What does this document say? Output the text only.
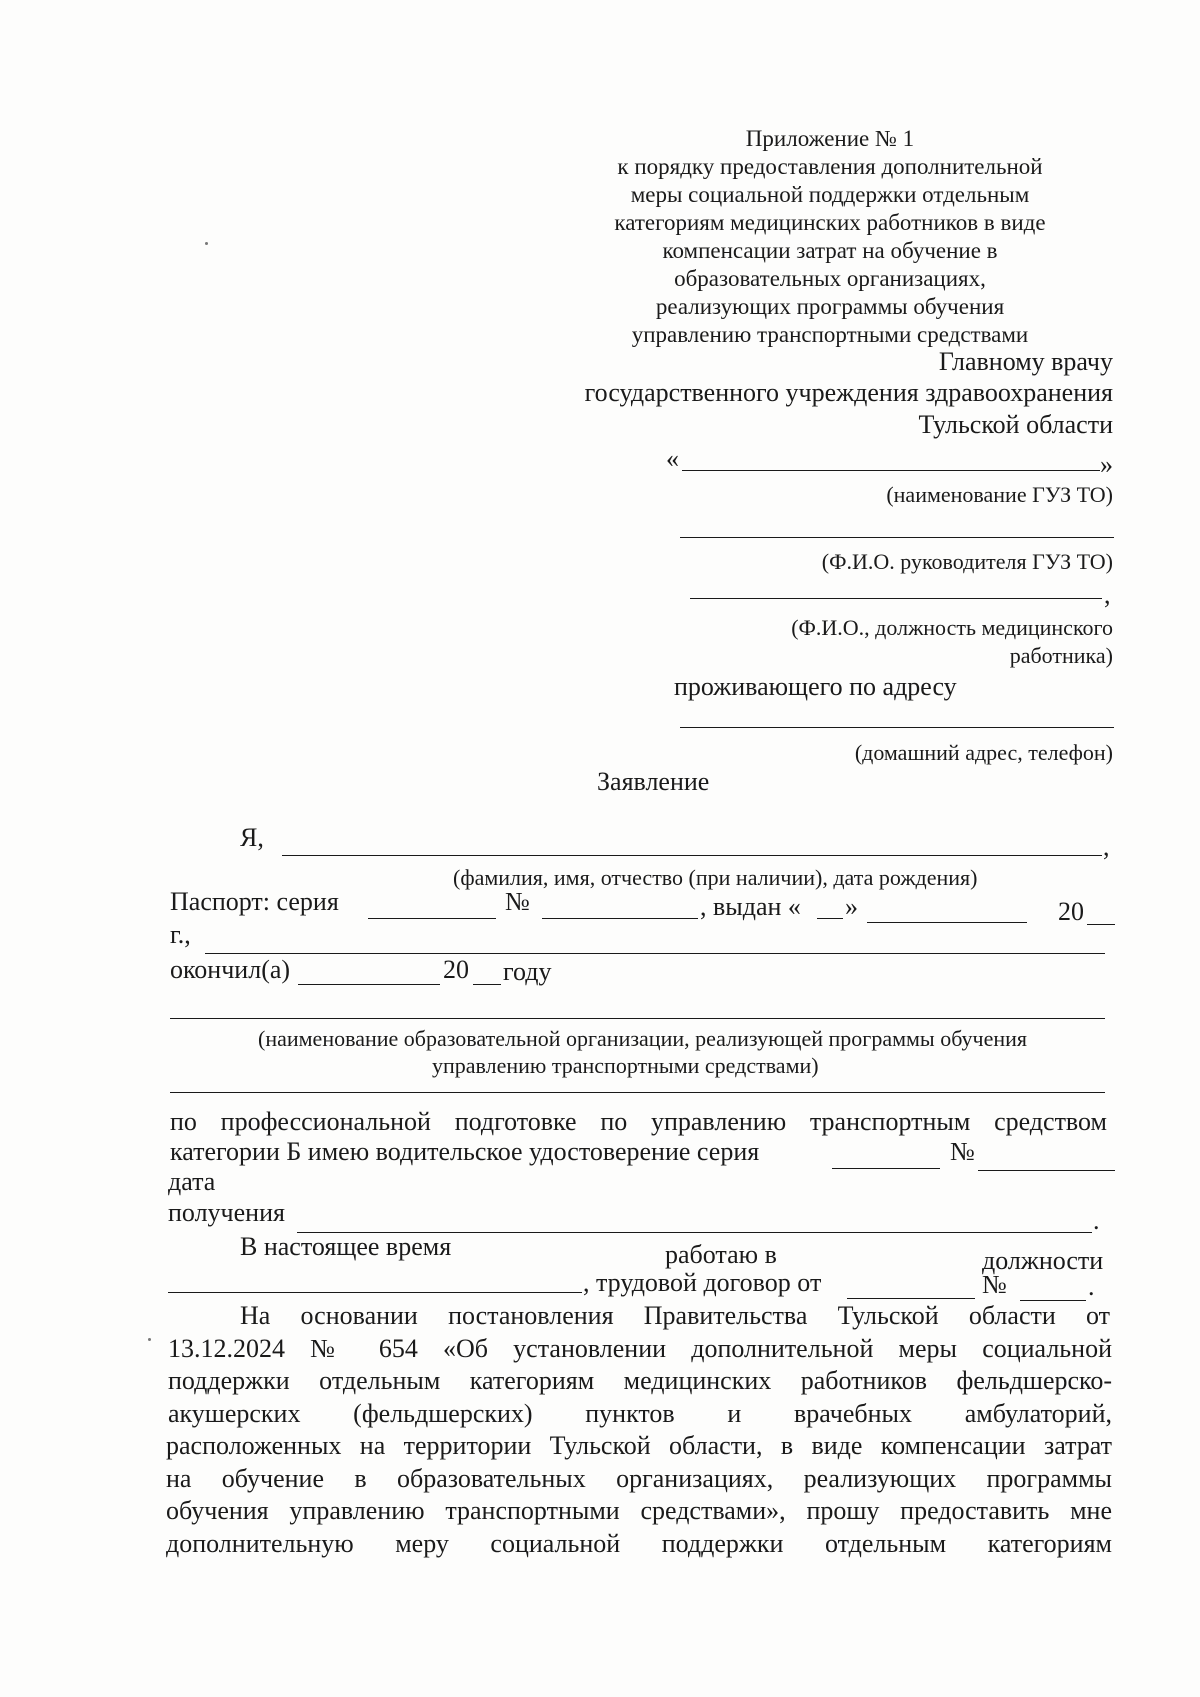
Приложение № 1
к порядку предоставления дополнительной
меры социальной поддержки отдельным
категориям медицинских работников в виде
компенсации затрат на обучение в
образовательных организациях,
реализующих программы обучения
управлению транспортными средствами
Главному врачу
государственного учреждения здравоохранения
Тульской области
«	»
(наименование ГУЗ ТО)
(Ф.И.О. руководителя ГУЗ ТО)
,
(Ф.И.О., должность медицинского
работника)
проживающего по адресу
(домашний адрес, телефон)
Заявление
Я,	,
(фамилия, имя, отчество (при наличии), дата рождения)
Паспорт: серия	№	, выдан « »	20
г.,
окончил(а)	20 году
(наименование образовательной организации, реализующей программы обучения
управлению транспортными средствами)
по профессиональной подготовке по управлению транспортным средством
категории Б имею водительское удостоверение серия	№
дата
получения	.
В настоящее время	работаю в	должности
, трудовой договор от	№	.
На основании постановления Правительства Тульской области от
13.12.2024 № 654 «Об установлении дополнительной меры социальной
поддержки отдельным категориям медицинских работников фельдшерско-
акушерских (фельдшерских) пунктов и врачебных амбулаторий,
расположенных на территории Тульской области, в виде компенсации затрат
на обучение в образовательных организациях, реализующих программы
обучения управлению транспортными средствами», прошу предоставить мне
дополнительную меру социальной поддержки отдельным категориям
